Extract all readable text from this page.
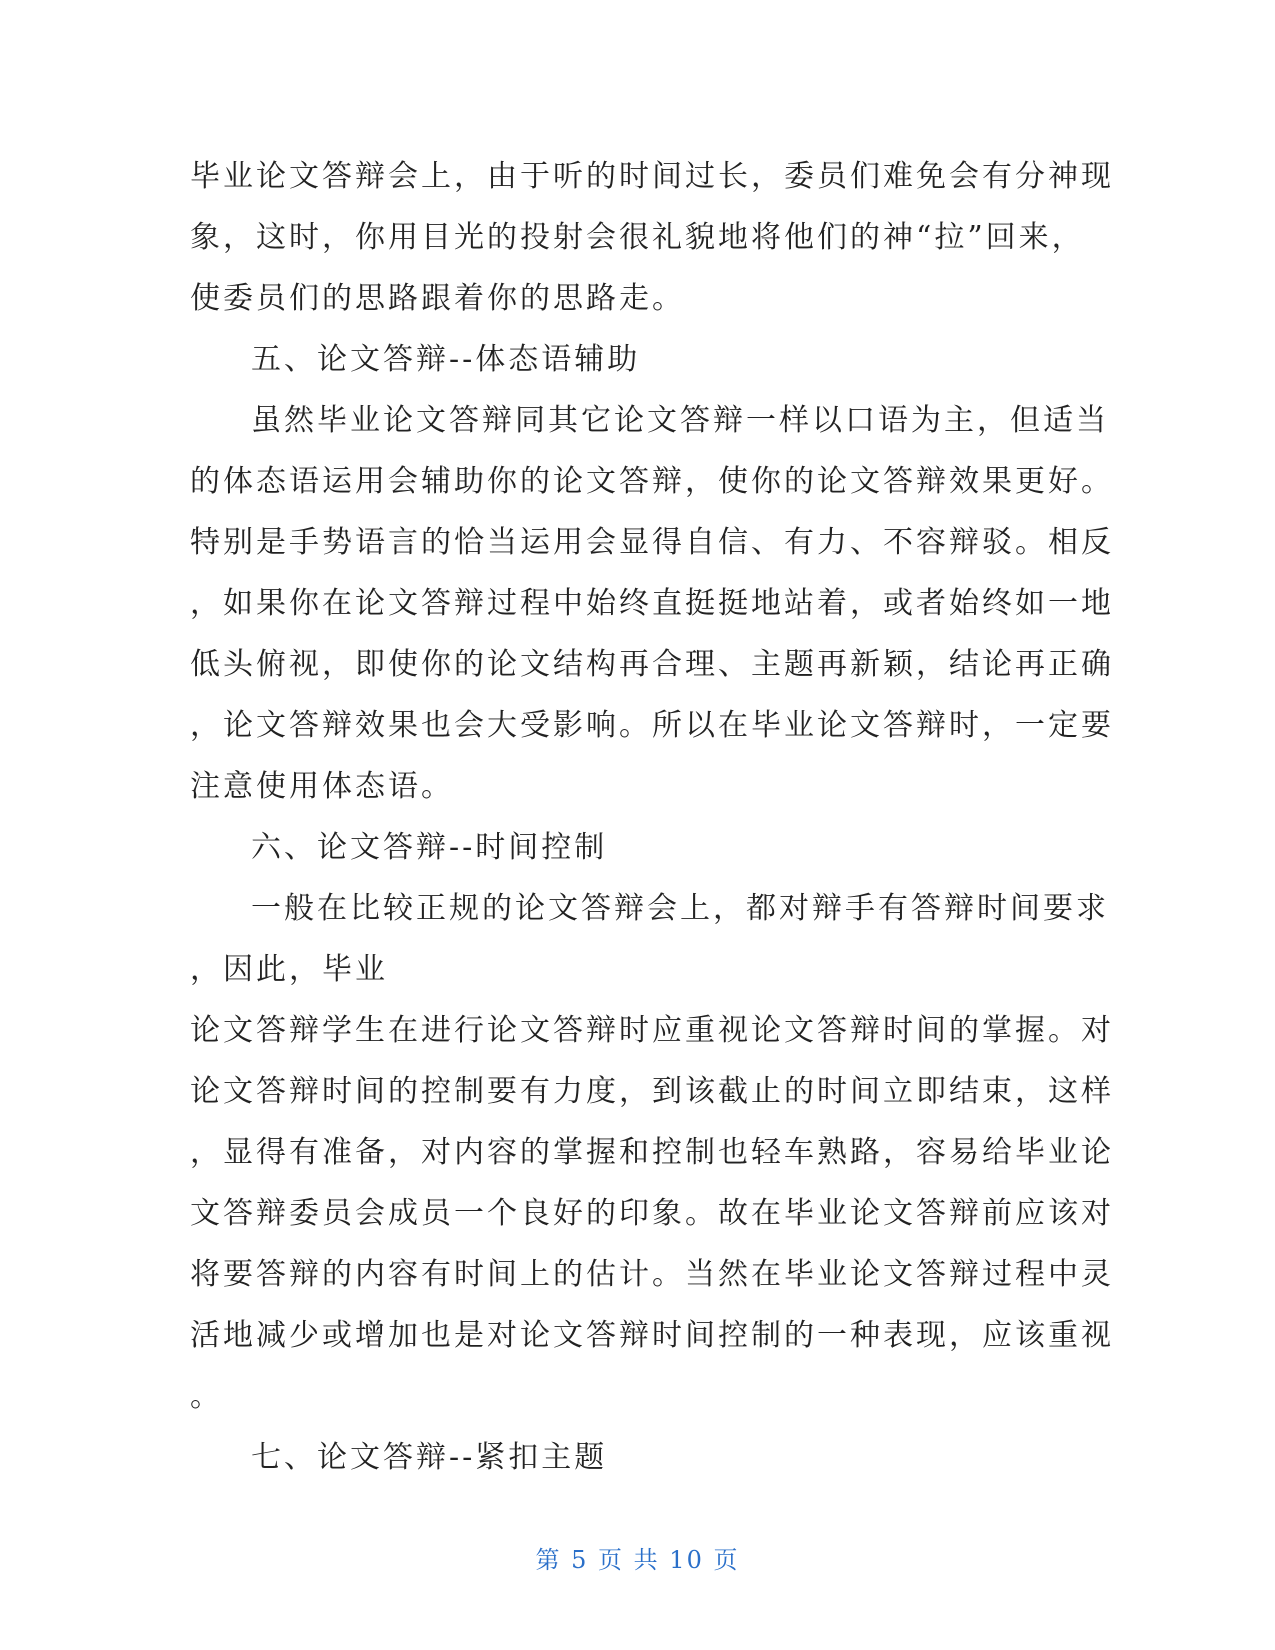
毕业论文答辩会上，由于听的时间过长，委员们难免会有分神现
象，这时，你用目光的投射会很礼貌地将他们的神“拉”回来，
使委员们的思路跟着你的思路走。
五、论文答辩--体态语辅助
虽然毕业论文答辩同其它论文答辩一样以口语为主，但适当
的体态语运用会辅助你的论文答辩，使你的论文答辩效果更好。
特别是手势语言的恰当运用会显得自信、有力、不容辩驳。相反
，如果你在论文答辩过程中始终直挺挺地站着，或者始终如一地
低头俯视，即使你的论文结构再合理、主题再新颖，结论再正确
，论文答辩效果也会大受影响。所以在毕业论文答辩时，一定要
注意使用体态语。
六、论文答辩--时间控制
一般在比较正规的论文答辩会上，都对辩手有答辩时间要求
，因此，毕业
论文答辩学生在进行论文答辩时应重视论文答辩时间的掌握。对
论文答辩时间的控制要有力度，到该截止的时间立即结束，这样
，显得有准备，对内容的掌握和控制也轻车熟路，容易给毕业论
文答辩委员会成员一个良好的印象。故在毕业论文答辩前应该对
将要答辩的内容有时间上的估计。当然在毕业论文答辩过程中灵
活地减少或增加也是对论文答辩时间控制的一种表现，应该重视
。
七、论文答辩--紧扣主题
第 5 页 共 10 页
